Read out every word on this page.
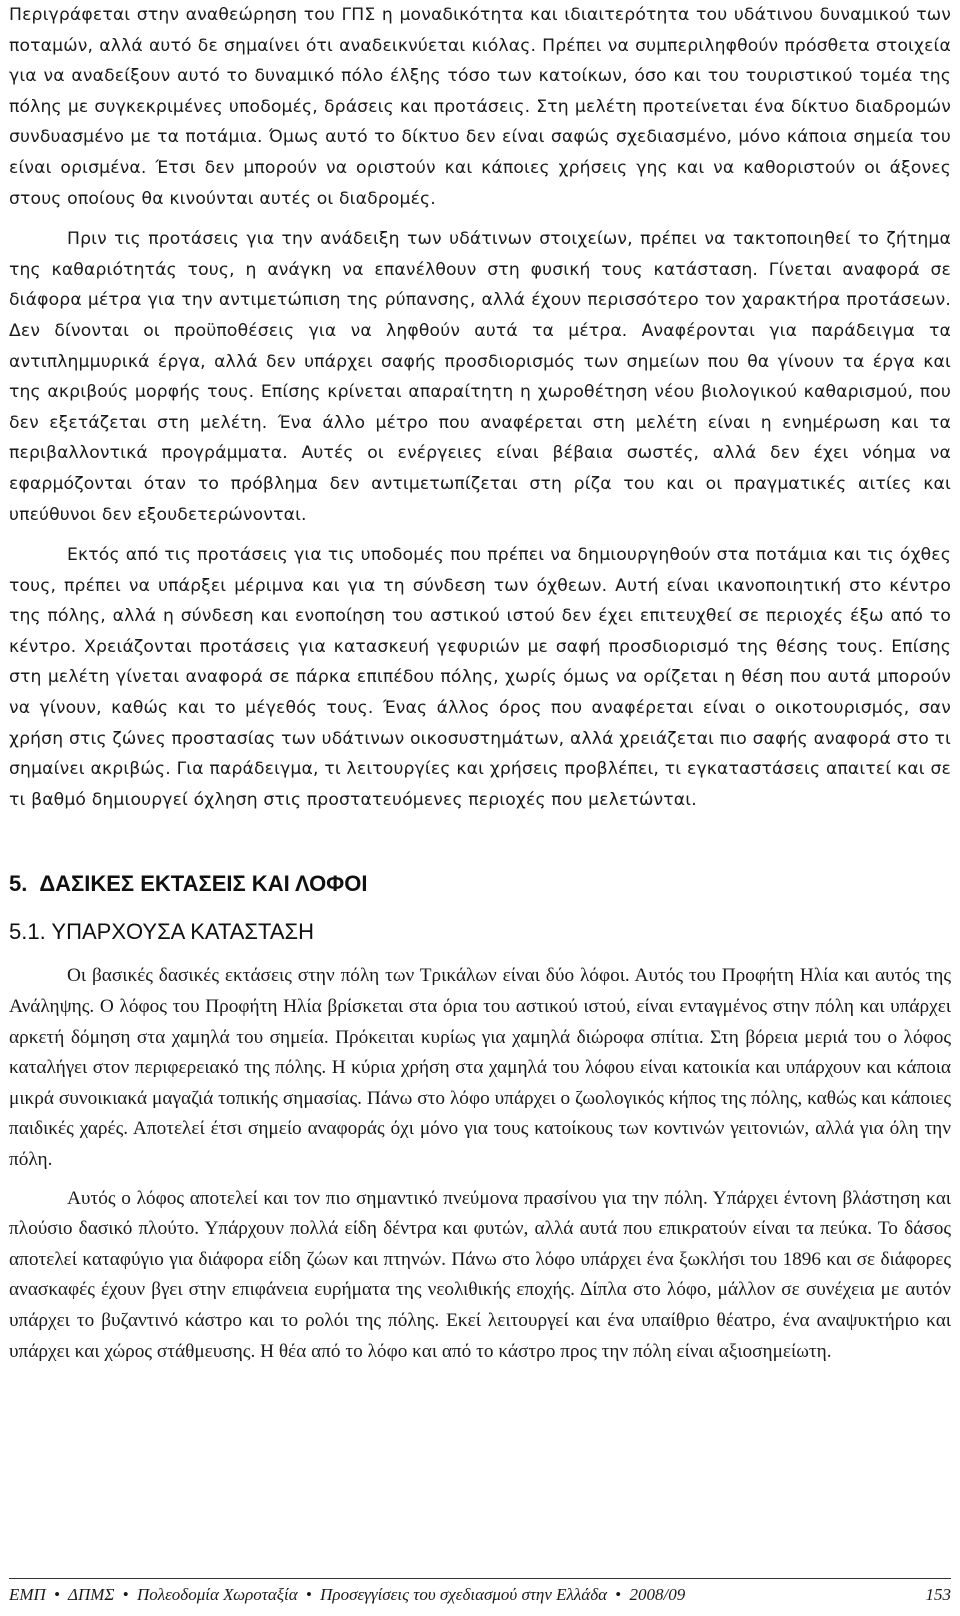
Περιγράφεται στην αναθεώρηση του ΓΠΣ η μοναδικότητα και ιδιαιτερότητα του υδάτινου δυναμικού των ποταμών, αλλά αυτό δε σημαίνει ότι αναδεικνύεται κιόλας. Πρέπει να συμπεριληφθούν πρόσθετα στοιχεία για να αναδείξουν αυτό το δυναμικό πόλο έλξης τόσο των κατοίκων, όσο και του τουριστικού τομέα της πόλης με συγκεκριμένες υποδομές, δράσεις και προτάσεις. Στη μελέτη προτείνεται ένα δίκτυο διαδρομών συνδυασμένο με τα ποτάμια. Όμως αυτό το δίκτυο δεν είναι σαφώς σχεδιασμένο, μόνο κάποια σημεία του είναι ορισμένα. Έτσι δεν μπορούν να οριστούν και κάποιες χρήσεις γης και να καθοριστούν οι άξονες στους οποίους θα κινούνται αυτές οι διαδρομές.

Πριν τις προτάσεις για την ανάδειξη των υδάτινων στοιχείων, πρέπει να τακτοποιηθεί το ζήτημα της καθαριότητάς τους, η ανάγκη να επανέλθουν στη φυσική τους κατάσταση. Γίνεται αναφορά σε διάφορα μέτρα για την αντιμετώπιση της ρύπανσης, αλλά έχουν περισσότερο τον χαρακτήρα προτάσεων. Δεν δίνονται οι προϋποθέσεις για να ληφθούν αυτά τα μέτρα. Αναφέρονται για παράδειγμα τα αντιπλημμυρικά έργα, αλλά δεν υπάρχει σαφής προσδιορισμός των σημείων που θα γίνουν τα έργα και της ακριβούς μορφής τους. Επίσης κρίνεται απαραίτητη η χωροθέτηση νέου βιολογικού καθαρισμού, που δεν εξετάζεται στη μελέτη. Ένα άλλο μέτρο που αναφέρεται στη μελέτη είναι η ενημέρωση και τα περιβαλλοντικά προγράμματα. Αυτές οι ενέργειες είναι βέβαια σωστές, αλλά δεν έχει νόημα να εφαρμόζονται όταν το πρόβλημα δεν αντιμετωπίζεται στη ρίζα του και οι πραγματικές αιτίες και υπεύθυνοι δεν εξουδετερώνονται.

Εκτός από τις προτάσεις για τις υποδομές που πρέπει να δημιουργηθούν στα ποτάμια και τις όχθες τους, πρέπει να υπάρξει μέριμνα και για τη σύνδεση των όχθεων. Αυτή είναι ικανοποιητική στο κέντρο της πόλης, αλλά η σύνδεση και ενοποίηση του αστικού ιστού δεν έχει επιτευχθεί σε περιοχές έξω από το κέντρο. Χρειάζονται προτάσεις για κατασκευή γεφυριών με σαφή προσδιορισμό της θέσης τους. Επίσης στη μελέτη γίνεται αναφορά σε πάρκα επιπέδου πόλης, χωρίς όμως να ορίζεται η θέση που αυτά μπορούν να γίνουν, καθώς και το μέγεθός τους. Ένας άλλος όρος που αναφέρεται είναι ο οικοτουρισμός, σαν χρήση στις ζώνες προστασίας των υδάτινων οικοσυστημάτων, αλλά χρειάζεται πιο σαφής αναφορά στο τι σημαίνει ακριβώς. Για παράδειγμα, τι λειτουργίες και χρήσεις προβλέπει, τι εγκαταστάσεις απαιτεί και σε τι βαθμό δημιουργεί όχληση στις προστατευόμενες περιοχές που μελετώνται.

5. ΔΑΣΙΚΕΣ ΕΚΤΑΣΕΙΣ ΚΑΙ ΛΟΦΟΙ
5.1. ΥΠΑΡΧΟΥΣΑ ΚΑΤΑΣΤΑΣΗ

Οι βασικές δασικές εκτάσεις στην πόλη των Τρικάλων είναι δύο λόφοι. Αυτός του Προφήτη Ηλία και αυτός της Ανάληψης. Ο λόφος του Προφήτη Ηλία βρίσκεται στα όρια του αστικού ιστού, είναι ενταγμένος στην πόλη και υπάρχει αρκετή δόμηση στα χαμηλά του σημεία. Πρόκειται κυρίως για χαμηλά διώροφα σπίτια. Στη βόρεια μεριά του ο λόφος καταλήγει στον περιφερειακό της πόλης. Η κύρια χρήση στα χαμηλά του λόφου είναι κατοικία και υπάρχουν και κάποια μικρά συνοικιακά μαγαζιά τοπικής σημασίας. Πάνω στο λόφο υπάρχει ο ζωολογικός κήπος της πόλης, καθώς και κάποιες παιδικές χαρές. Αποτελεί έτσι σημείο αναφοράς όχι μόνο για τους κατοίκους των κοντινών γειτονιών, αλλά για όλη την πόλη.

Αυτός ο λόφος αποτελεί και τον πιο σημαντικό πνεύμονα πρασίνου για την πόλη. Υπάρχει έντονη βλάστηση και πλούσιο δασικό πλούτο. Υπάρχουν πολλά είδη δέντρα και φυτών, αλλά αυτά που επικρατούν είναι τα πεύκα. Το δάσος αποτελεί καταφύγιο για διάφορα είδη ζώων και πτηνών. Πάνω στο λόφο υπάρχει ένα ξωκλήσι του 1896 και σε διάφορες ανασκαφές έχουν βγει στην επιφάνεια ευρήματα της νεολιθικής εποχής. Δίπλα στο λόφο, μάλλον σε συνέχεια με αυτόν υπάρχει το βυζαντινό κάστρο και το ρολόι της πόλης. Εκεί λειτουργεί και ένα υπαίθριο θέατρο, ένα αναψυκτήριο και υπάρχει και χώρος στάθμευσης. Η θέα από το λόφο και από το κάστρο προς την πόλη είναι αξιοσημείωτη.

ΕΜΠ • ΔΠΜΣ • Πολεοδομία Χωροταξία • Προσεγγίσεις του σχεδιασμού στην Ελλάδα • 2008/09	153
